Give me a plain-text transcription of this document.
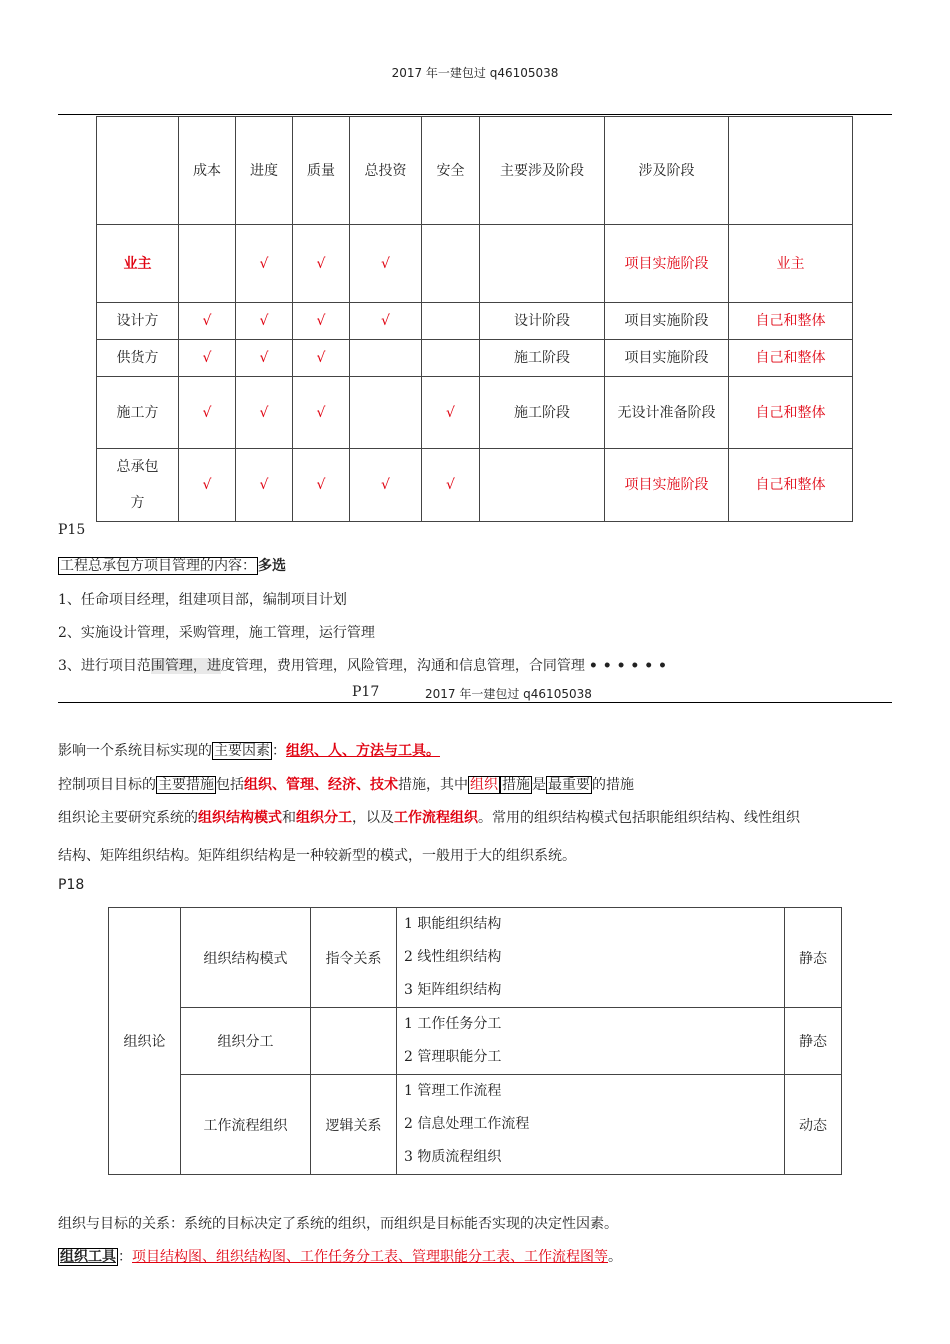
2017 年一建包过 q46105038
	成本	进度	质量	总投资	安全	主要涉及阶段	涉及阶段	
业主		√	√	√			项目实施阶段	业主
设计方	√	√	√	√		设计阶段	项目实施阶段	自己和整体
供货方	√	√	√			施工阶段	项目实施阶段	自己和整体
施工方	√	√	√		√	施工阶段	无设计准备阶段	自己和整体
总承包方	√	√	√	√	√		项目实施阶段	自己和整体
P15
工程总承包方项目管理的内容： 多选
1、任命项目经理，组建项目部，编制项目计划
2、实施设计管理，采购管理，施工管理，运行管理
3、进行项目范围管理，进度管理，费用管理，风险管理，沟通和信息管理，合同管理 • • • • • •
P17	2017 年一建包过 q46105038
影响一个系统目标实现的 主要因素 ：组织、人、方法与工具。
控制项目目标的 主要措施 包括组织、管理、经济、技术措施，其中 组织 措施 是 最重要 的措施
组织论主要研究系统的组织结构模式和组织分工，以及工作流程组织。常用的组织结构模式包括职能组织结构、线性组织
结构、矩阵组织结构。矩阵组织结构是一种较新型的模式，一般用于大的组织系统。
P18
组织论	组织结构模式	指令关系	1 职能组织结构
2 线性组织结构
3 矩阵组织结构	静态
	组织分工		1 工作任务分工
2 管理职能分工	静态
	工作流程组织	逻辑关系	1 管理工作流程
2 信息处理工作流程
3 物质流程组织	动态
组织与目标的关系：系统的目标决定了系统的组织，而组织是目标能否实现的决定性因素。
组织工具 ：项目结构图、组织结构图、工作任务分工表、管理职能分工表、工作流程图等。
